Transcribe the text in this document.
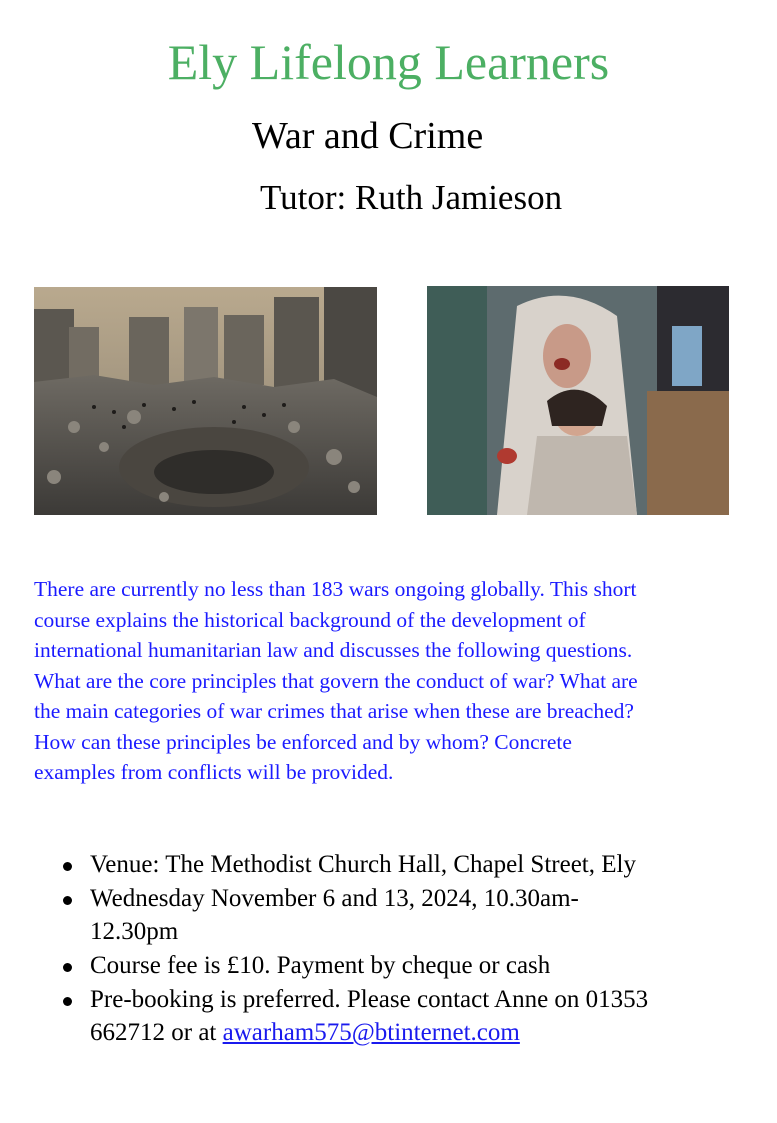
Ely Lifelong Learners
War and Crime
Tutor: Ruth Jamieson

There are currently no less than 183 wars ongoing globally. This short
course explains the historical background of the development of
international humanitarian law and discusses the following questions.
What are the core principles that govern the conduct of war? What are
the main categories of war crimes that arise when these are breached?
How can these principles be enforced and by whom? Concrete
examples from conflicts will be provided.

Venue: The Methodist Church Hall, Chapel Street, Ely
Wednesday November 6 and 13, 2024, 10.30am-
12.30pm
Course fee is £10. Payment by cheque or cash
Pre-booking is preferred. Please contact Anne on 01353
662712 or at awarham575@btinternet.com
